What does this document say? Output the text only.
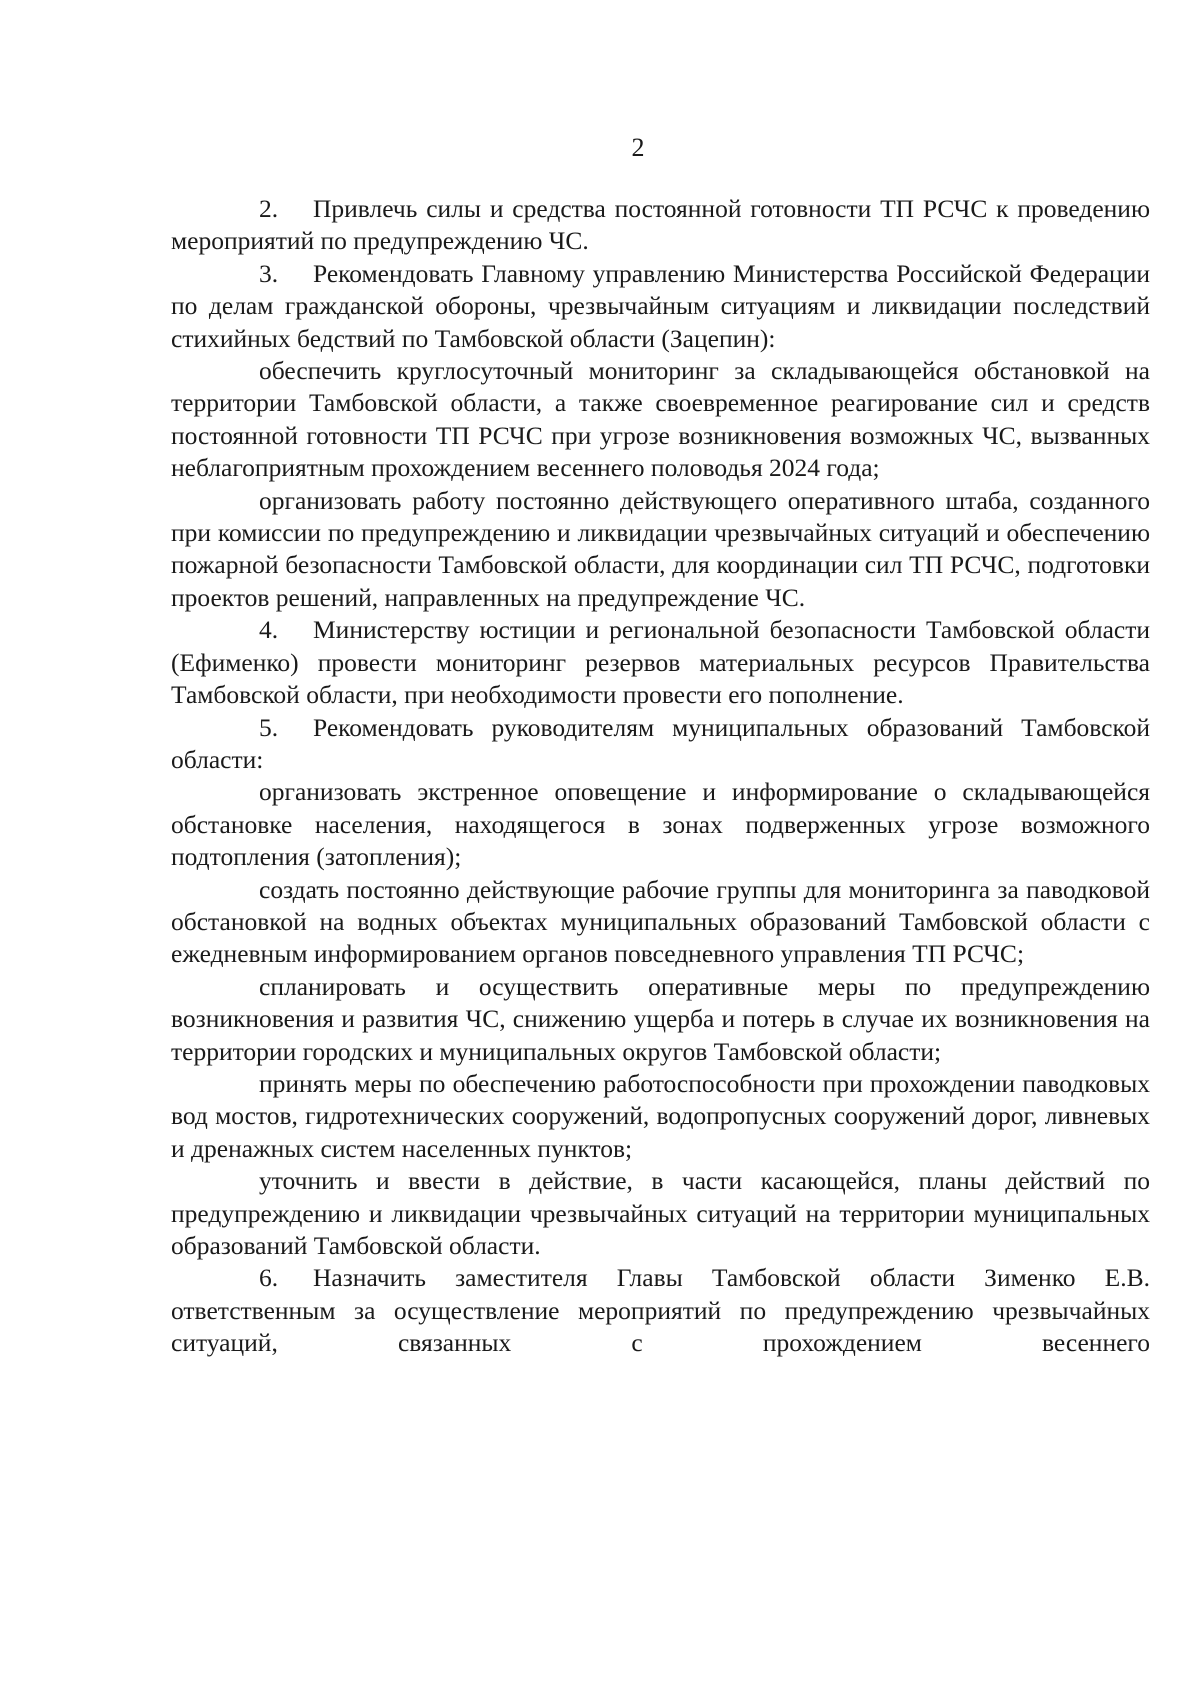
2

2. Привлечь силы и средства постоянной готовности ТП РСЧС к проведению мероприятий по предупреждению ЧС.

3. Рекомендовать Главному управлению Министерства Российской Федерации по делам гражданской обороны, чрезвычайным ситуациям и ликвидации последствий стихийных бедствий по Тамбовской области (Зацепин):

обеспечить круглосуточный мониторинг за складывающейся обстановкой на территории Тамбовской области, а также своевременное реагирование сил и средств постоянной готовности ТП РСЧС при угрозе возникновения возможных ЧС, вызванных неблагоприятным прохождением весеннего половодья 2024 года;

организовать работу постоянно действующего оперативного штаба, созданного при комиссии по предупреждению и ликвидации чрезвычайных ситуаций и обеспечению пожарной безопасности Тамбовской области, для координации сил ТП РСЧС, подготовки проектов решений, направленных на предупреждение ЧС.

4. Министерству юстиции и региональной безопасности Тамбовской области (Ефименко) провести мониторинг резервов материальных ресурсов Правительства Тамбовской области, при необходимости провести его пополнение.

5. Рекомендовать руководителям муниципальных образований Тамбовской области:

организовать экстренное оповещение и информирование о складывающейся обстановке населения, находящегося в зонах подверженных угрозе возможного подтопления (затопления);

создать постоянно действующие рабочие группы для мониторинга за паводковой обстановкой на водных объектах муниципальных образований Тамбовской области с ежедневным информированием органов повседневного управления ТП РСЧС;

спланировать и осуществить оперативные меры по предупреждению возникновения и развития ЧС, снижению ущерба и потерь в случае их возникновения на территории городских и муниципальных округов Тамбовской области;

принять меры по обеспечению работоспособности при прохождении паводковых вод мостов, гидротехнических сооружений, водопропусных сооружений дорог, ливневых и дренажных систем населенных пунктов;

уточнить и ввести в действие, в части касающейся, планы действий по предупреждению и ликвидации чрезвычайных ситуаций на территории муниципальных образований Тамбовской области.

6. Назначить заместителя Главы Тамбовской области Зименко Е.В. ответственным за осуществление мероприятий по предупреждению чрезвычайных ситуаций, связанных с прохождением весеннего
